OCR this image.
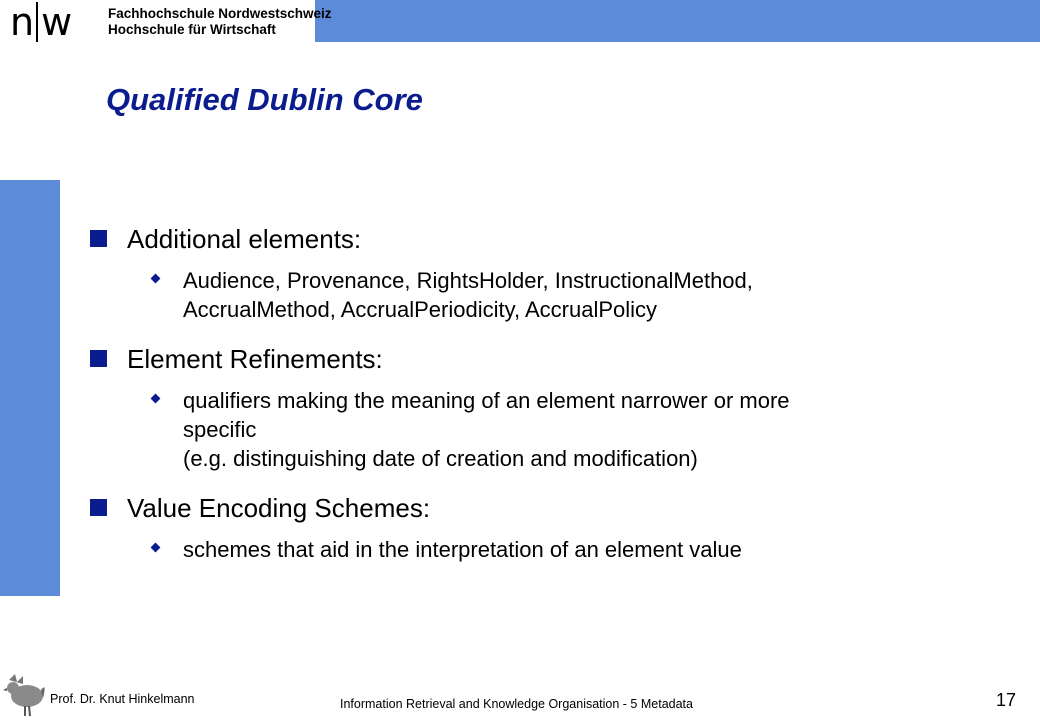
n w	Fachhochschule Nordwestschweiz
Hochschule für Wirtschaft
Qualified Dublin Core
Additional elements:
Audience, Provenance, RightsHolder, InstructionalMethod,
AccrualMethod, AccrualPeriodicity, AccrualPolicy
Element Refinements:
qualifiers making the meaning of an element narrower or more
specific
(e.g. distinguishing date of creation and modification)
Value Encoding Schemes:
schemes that aid in the interpretation of an element value
Prof. Dr. Knut Hinkelmann	Information Retrieval and Knowledge Organisation - 5 Metadata	17
